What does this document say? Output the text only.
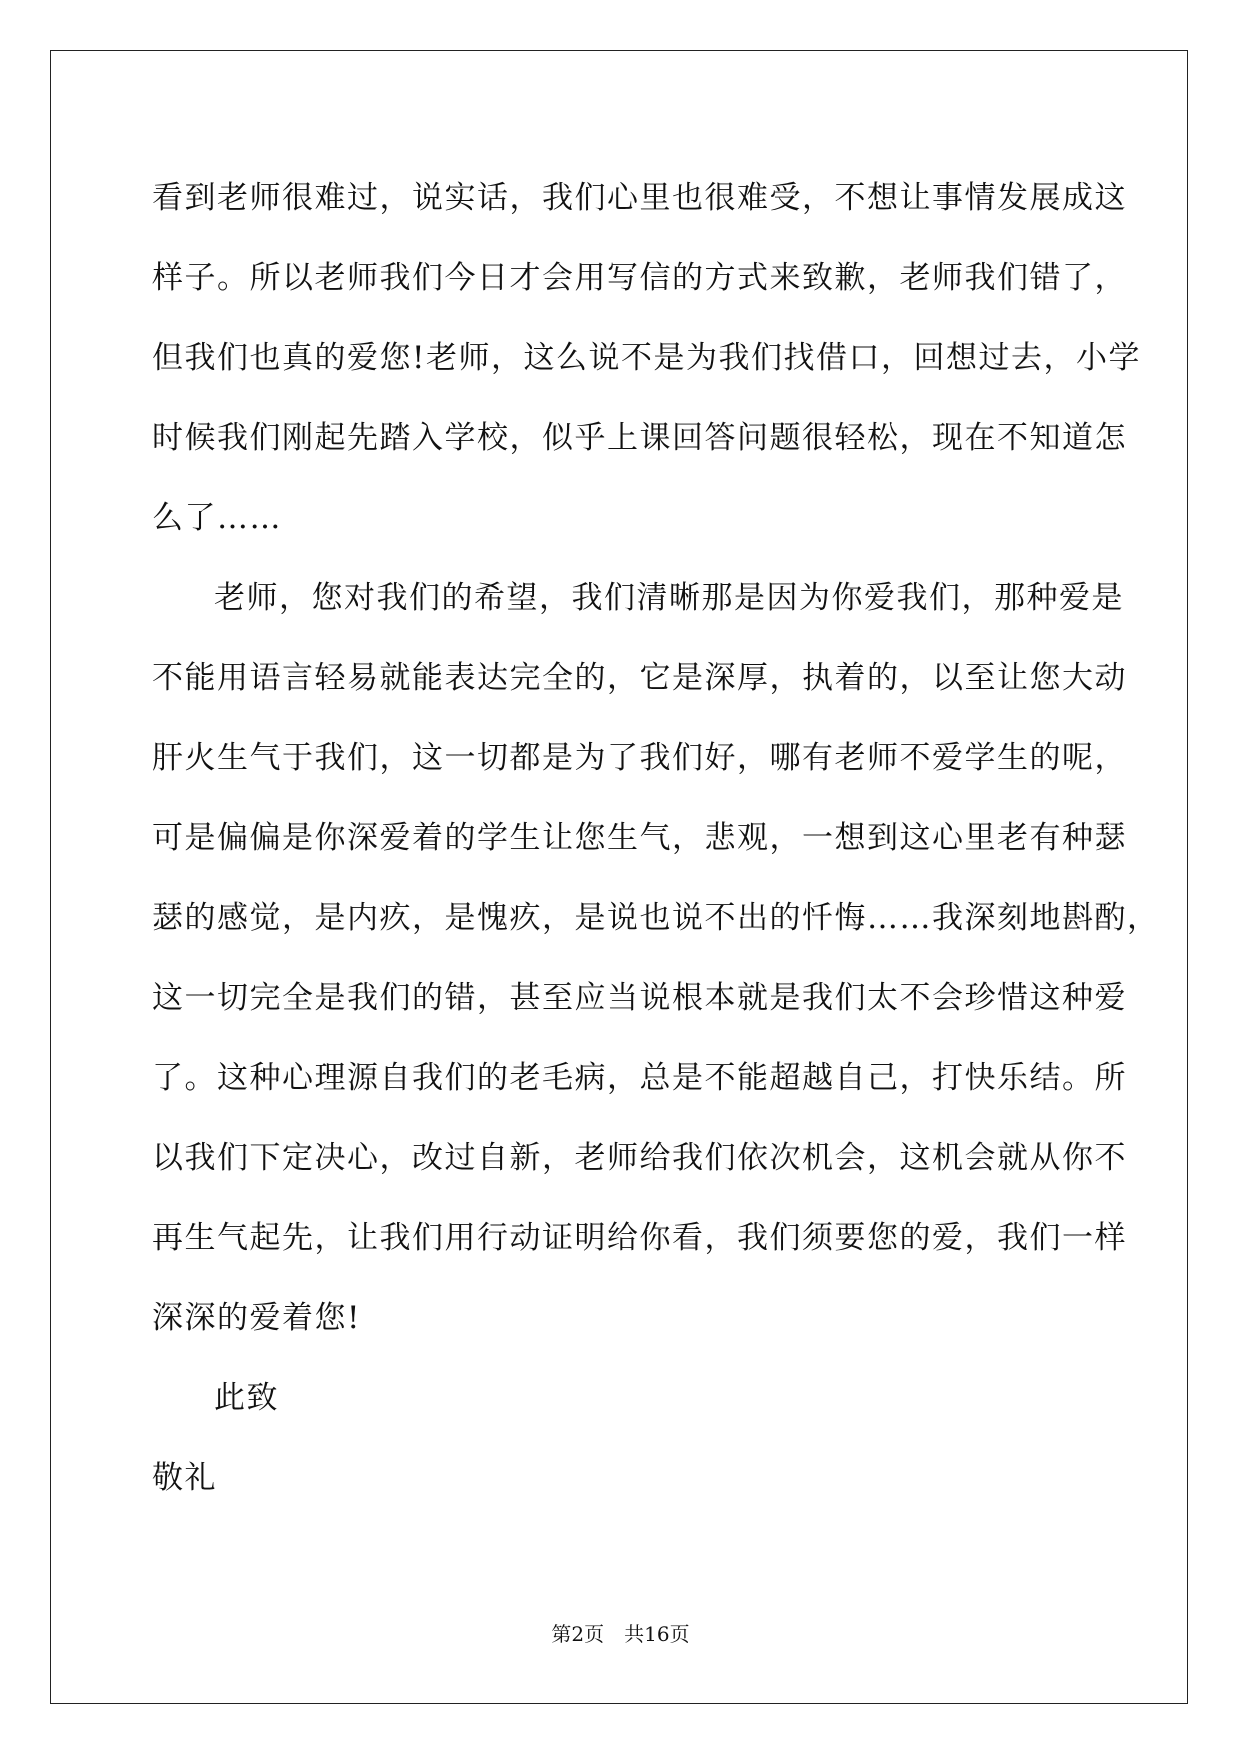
看到老师很难过，说实话，我们心里也很难受，不想让事情发展成这
样子。所以老师我们今日才会用写信的方式来致歉，老师我们错了，
但我们也真的爱您!老师，这么说不是为我们找借口，回想过去，小学
时候我们刚起先踏入学校，似乎上课回答问题很轻松，现在不知道怎
么了……
老师，您对我们的希望，我们清晰那是因为你爱我们，那种爱是
不能用语言轻易就能表达完全的，它是深厚，执着的，以至让您大动
肝火生气于我们，这一切都是为了我们好，哪有老师不爱学生的呢，
可是偏偏是你深爱着的学生让您生气，悲观，一想到这心里老有种瑟
瑟的感觉，是内疚，是愧疚，是说也说不出的忏悔……我深刻地斟酌，
这一切完全是我们的错，甚至应当说根本就是我们太不会珍惜这种爱
了。这种心理源自我们的老毛病，总是不能超越自己，打快乐结。所
以我们下定决心，改过自新，老师给我们依次机会，这机会就从你不
再生气起先，让我们用行动证明给你看，我们须要您的爱，我们一样
深深的爱着您!
此致
敬礼
第2页　共16页
